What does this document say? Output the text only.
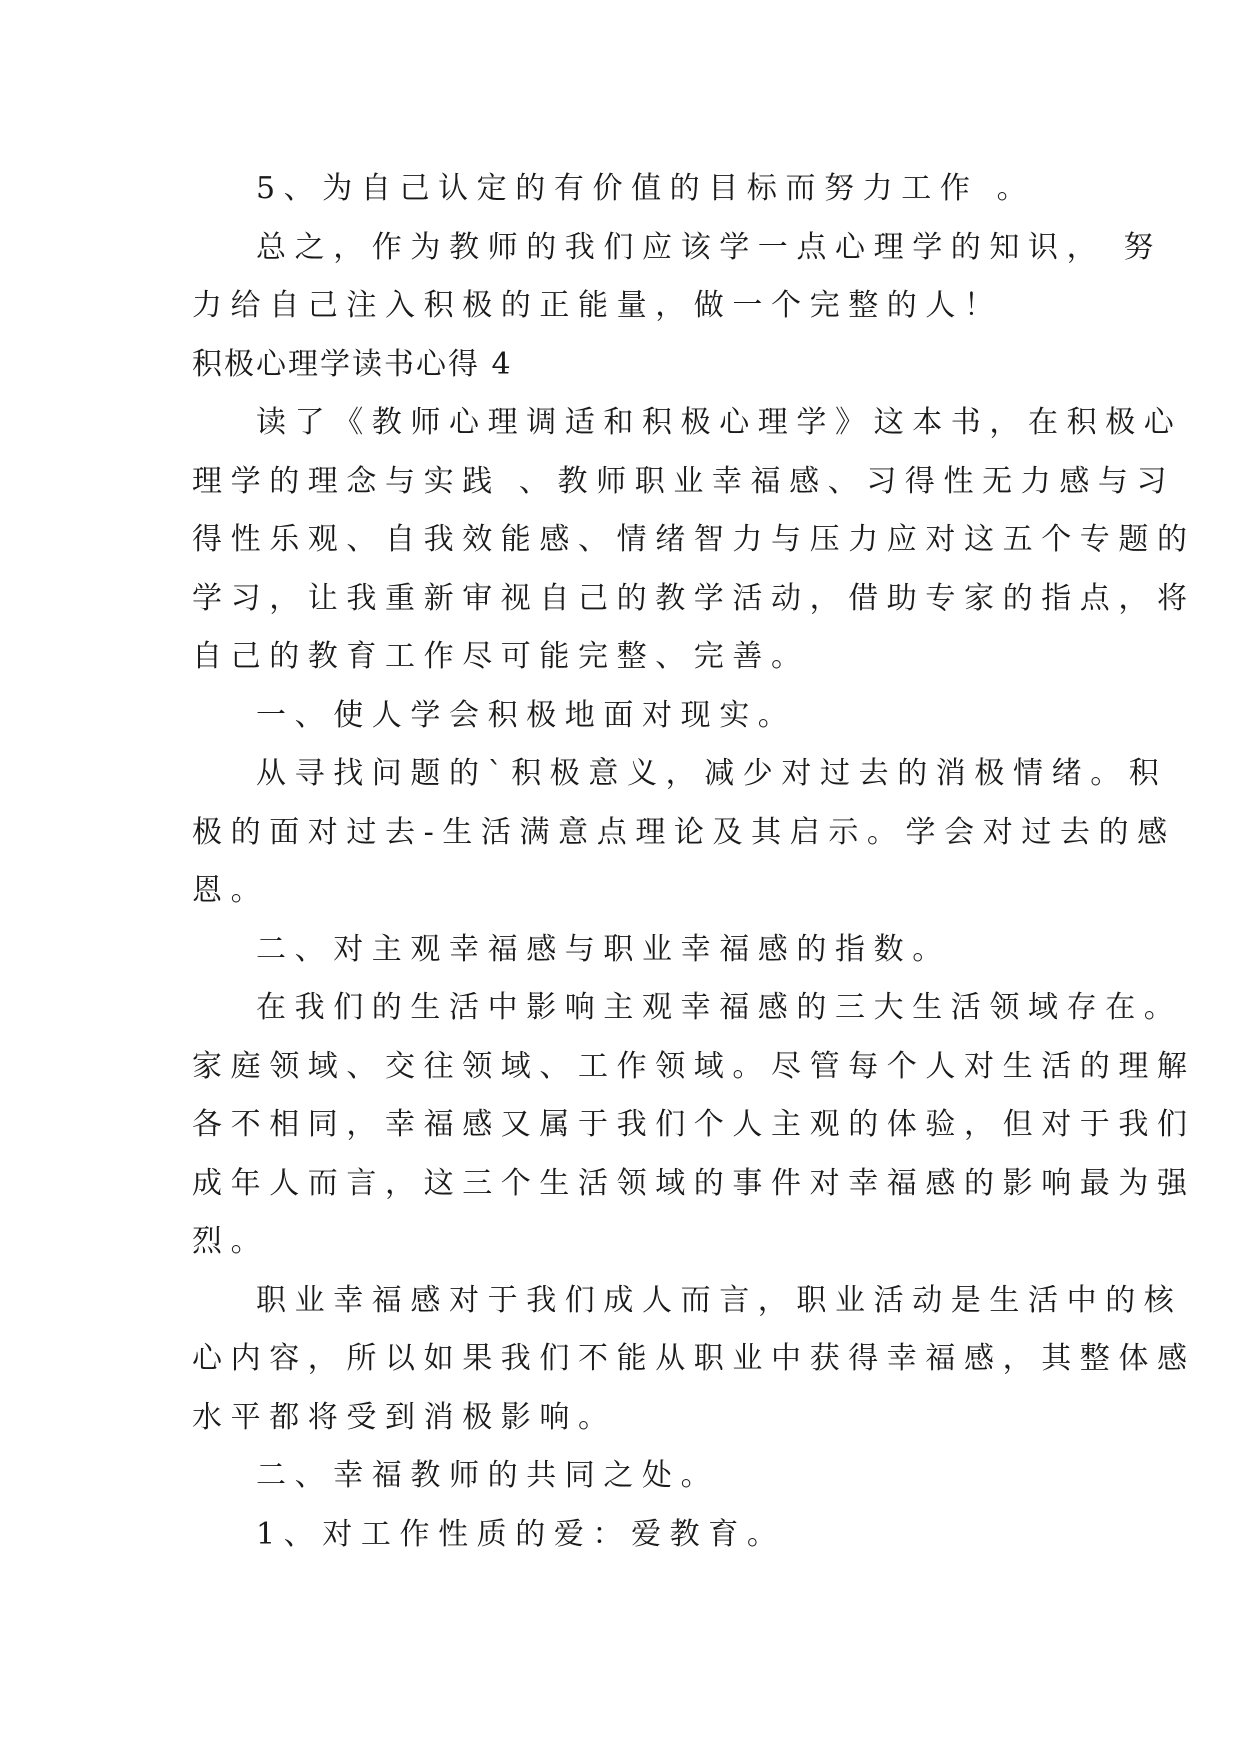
5、为自己认定的有价值的目标而努力工作 。

总之，作为教师的我们应该学一点心理学的知识， 努

力给自己注入积极的正能量，做一个完整的人！

积极心理学读书心得 4

读了《教师心理调适和积极心理学》这本书，在积极心

理学的理念与实践 、教师职业幸福感、习得性无力感与习

得性乐观、自我效能感、情绪智力与压力应对这五个专题的

学习，让我重新审视自己的教学活动，借助专家的指点，将

自己的教育工作尽可能完整、完善。

一、使人学会积极地面对现实。

从寻找问题的`积极意义，减少对过去的消极情绪。积

极的面对过去-生活满意点理论及其启示。学会对过去的感

恩。

二、对主观幸福感与职业幸福感的指数。

在我们的生活中影响主观幸福感的三大生活领域存在。

家庭领域、交往领域、工作领域。尽管每个人对生活的理解

各不相同，幸福感又属于我们个人主观的体验，但对于我们

成年人而言，这三个生活领域的事件对幸福感的影响最为强

烈。

职业幸福感对于我们成人而言，职业活动是生活中的核

心内容，所以如果我们不能从职业中获得幸福感，其整体感

水平都将受到消极影响。

二、幸福教师的共同之处。

1、对工作性质的爱：爱教育。
